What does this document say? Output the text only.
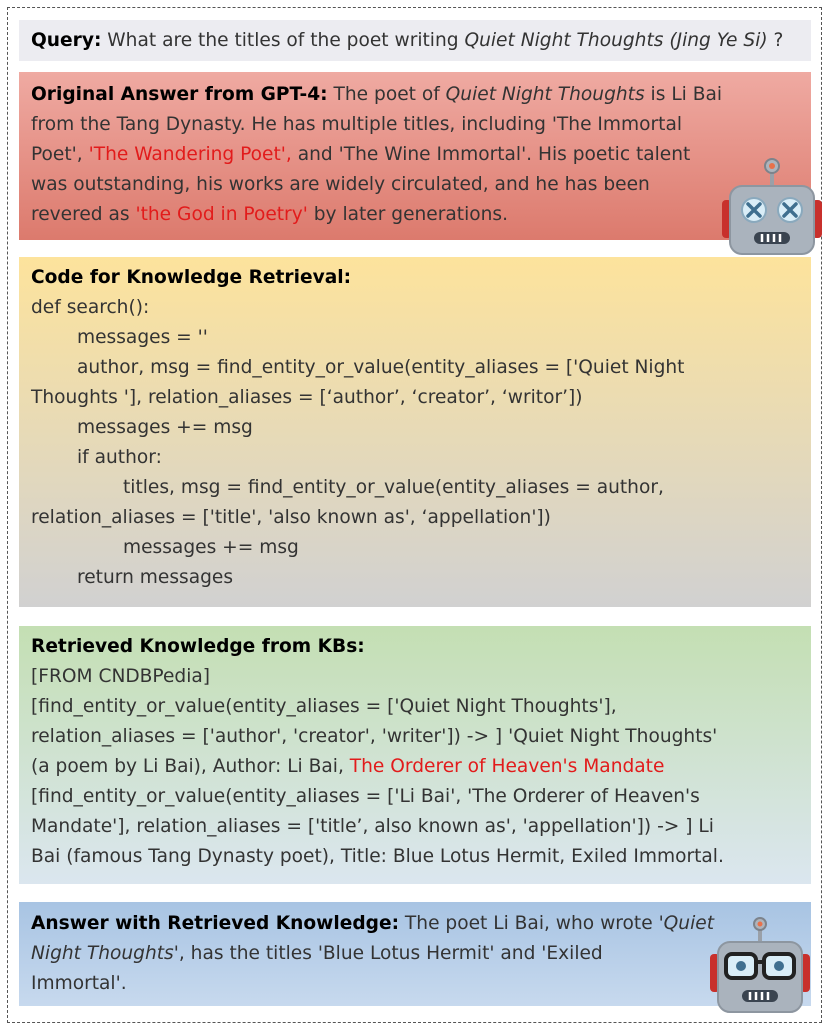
Query: What are the titles of the poet writing Quiet Night Thoughts (Jing Ye Si) ?
Original Answer from GPT-4: The poet of Quiet Night Thoughts is Li Bai
from the Tang Dynasty. He has multiple titles, including 'The Immortal
Poet', 'The Wandering Poet', and 'The Wine Immortal'. His poetic talent
was outstanding, his works are widely circulated, and he has been
revered as 'the God in Poetry' by later generations.
Code for Knowledge Retrieval:
def search():
messages = ''
author, msg = find_entity_or_value(entity_aliases = ['Quiet Night
Thoughts '], relation_aliases = [‘author’, ‘creator’, ‘writor’])
messages += msg
if author:
titles, msg = find_entity_or_value(entity_aliases = author,
relation_aliases = ['title', 'also known as', ‘appellation'])
messages += msg
return messages
Retrieved Knowledge from KBs:
[FROM CNDBPedia]
[find_entity_or_value(entity_aliases = ['Quiet Night Thoughts'],
relation_aliases = ['author', 'creator', 'writer']) -> ] 'Quiet Night Thoughts'
(a poem by Li Bai), Author: Li Bai, The Orderer of Heaven's Mandate
[find_entity_or_value(entity_aliases = ['Li Bai', 'The Orderer of Heaven's
Mandate'], relation_aliases = ['title’, also known as', 'appellation']) -> ] Li
Bai (famous Tang Dynasty poet), Title: Blue Lotus Hermit, Exiled Immortal.
Answer with Retrieved Knowledge: The poet Li Bai, who wrote 'Quiet
Night Thoughts', has the titles 'Blue Lotus Hermit' and 'Exiled
Immortal'.
